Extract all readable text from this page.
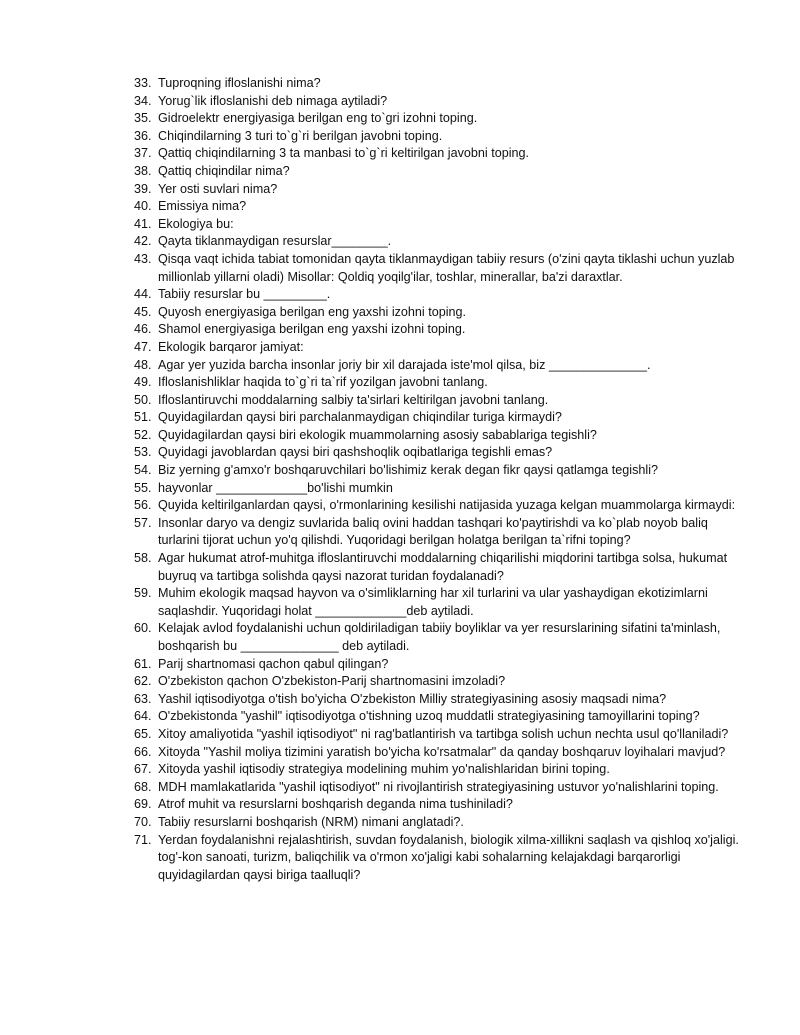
33. Tuproqning ifloslanishi nima?
34. Yorug`lik ifloslanishi deb nimaga aytiladi?
35. Gidroelektr energiyasiga berilgan eng to`gri izohni toping.
36. Chiqindilarning 3 turi to`g`ri berilgan javobni toping.
37. Qattiq chiqindilarning 3 ta manbasi to`g`ri keltirilgan javobni toping.
38. Qattiq chiqindilar nima?
39. Yer osti suvlari nima?
40. Emissiya nima?
41. Ekologiya bu:
42. Qayta tiklanmaydigan resurslar________.
43. Qisqa vaqt ichida tabiat tomonidan qayta tiklanmaydigan tabiiy resurs (o'zini qayta tiklashi uchun yuzlab millionlab yillarni oladi) Misollar: Qoldiq yoqilg'ilar, toshlar, minerallar, ba'zi daraxtlar.
44. Tabiiy resurslar bu _________.
45. Quyosh energiyasiga berilgan eng yaxshi izohni toping.
46. Shamol energiyasiga berilgan eng yaxshi izohni toping.
47. Ekologik barqaror jamiyat:
48. Agar yer yuzida barcha insonlar joriy bir xil darajada iste'mol qilsa, biz ______________.
49. Ifloslanishliklar haqida to`g`ri ta`rif yozilgan javobni tanlang.
50. Ifloslantiruvchi moddalarning salbiy ta'sirlari keltirilgan javobni tanlang.
51. Quyidagilardan qaysi biri parchalanmaydigan chiqindilar turiga kirmaydi?
52. Quyidagilardan qaysi biri ekologik muammolarning asosiy sabablariga tegishli?
53. Quyidagi javoblardan qaysi biri qashshoqlik oqibatlariga tegishli emas?
54. Biz yerning g'amxo'r boshqaruvchilari bo'lishimiz kerak degan fikr qaysi qatlamga tegishli?
55. hayvonlar _____________bo'lishi mumkin
56. Quyida keltirilganlardan qaysi, o'rmonlarining kesilishi natijasida yuzaga kelgan muammolarga kirmaydi:
57. Insonlar daryo va dengiz suvlarida baliq ovini haddan tashqari ko'paytirishdi va ko`plab noyob baliq turlarini tijorat uchun yo'q qilishdi. Yuqoridagi berilgan holatga berilgan ta`rifni toping?
58. Agar hukumat atrof-muhitga ifloslantiruvchi moddalarning chiqarilishi miqdorini tartibga solsa, hukumat buyruq va tartibga solishda qaysi nazorat turidan foydalanadi?
59. Muhim ekologik maqsad hayvon va o'simliklarning har xil turlarini va ular yashaydigan ekotizimlarni saqlashdir. Yuqoridagi holat _____________deb aytiladi.
60. Kelajak avlod foydalanishi uchun qoldiriladigan tabiiy boyliklar va yer resurslarining sifatini ta'minlash, boshqarish bu ______________ deb aytiladi.
61. Parij shartnomasi qachon qabul qilingan?
62. O'zbekiston qachon O'zbekiston-Parij shartnomasini imzoladi?
63. Yashil iqtisodiyotga o'tish bo'yicha O'zbekiston Milliy strategiyasining asosiy maqsadi nima?
64. O'zbekistonda "yashil" iqtisodiyotga o'tishning uzoq muddatli strategiyasining tamoyillarini toping?
65. Xitoy amaliyotida "yashil iqtisodiyot" ni rag'batlantirish va tartibga solish uchun nechta usul qo'llaniladi?
66. Xitoyda "Yashil moliya tizimini yaratish bo'yicha ko'rsatmalar" da qanday boshqaruv loyihalari mavjud?
67. Xitoyda yashil iqtisodiy strategiya modelining muhim yo'nalishlaridan birini toping.
68. MDH mamlakatlarida "yashil iqtisodiyot" ni rivojlantirish strategiyasining ustuvor yo'nalishlarini toping.
69. Atrof muhit va resurslarni boshqarish deganda nima tushiniladi?
70. Tabiiy resurslarni boshqarish (NRM) nimani anglatadi?.
71. Yerdan foydalanishni rejalashtirish, suvdan foydalanish, biologik xilma-xillikni saqlash va qishloq xo'jaligi. tog'-kon sanoati, turizm, baliqchilik va o'rmon xo'jaligi kabi sohalarning kelajakdagi barqarorligi quyidagilardan qaysi biriga taalluqli?
